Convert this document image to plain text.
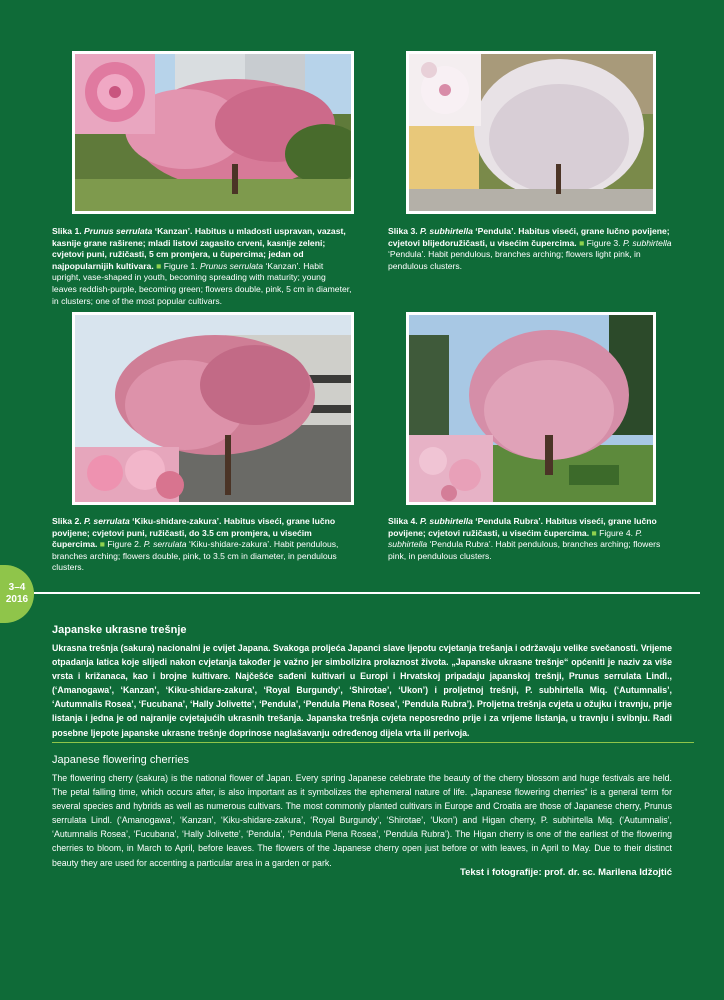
Slika 1. Prunus serrulata ‘Kanzan’. Habitus u mladosti uspravan, vazast, kasnije grane raširene; mladi listovi zagasito crveni, kasnije zeleni; cvjetovi puni, ružičasti, 5 cm promjera, u čupercima; jedan od najpopularnijih kultivara. ■ Figure 1. Prunus serrulata ‘Kanzan’. Habit upright, vase-shaped in youth, becoming spreading with maturity; young leaves reddish-purple, becoming green; flowers double, pink, 5 cm in diameter, in clusters; one of the most popular cultivars.
Slika 3. P. subhirtella ‘Pendula’. Habitus viseći, grane lučno povijene; cvjetovi blijedoružičasti, u visećim čupercima. ■ Figure 3. P. subhirtella ‘Pendula’. Habit pendulous, branches arching; flowers light pink, in pendulous clusters.
Slika 2. P. serrulata ‘Kiku-shidare-zakura’. Habitus viseći, grane lučno povijene; cvjetovi puni, ružičasti, do 3.5 cm promjera, u visećim čupercima. ■ Figure 2. P. serrulata ‘Kiku-shidare-zakura’. Habit pendulous, branches arching; flowers double, pink, to 3.5 cm in diameter, in pendulous clusters.
Slika 4. P. subhirtella ‘Pendula Rubra’. Habitus viseći, grane lučno povijene; cvjetovi ružičasti, u visećim čupercima. ■ Figure 4. P. subhirtella ‘Pendula Rubra’. Habit pendulous, branches arching; flowers pink, in pendulous clusters.
3–4
2016
Japanske ukrasne trešnje
Ukrasna trešnja (sakura) nacionalni je cvijet Japana. Svakoga proljeća Japanci slave ljepotu cvjetanja trešanja i održavaju velike svečanosti. Vrijeme otpadanja latica koje slijedi nakon cvjetanja također je važno jer simbolizira prolaznost života. „Japanske ukrasne trešnje“ općeniti je naziv za više vrsta i križanaca, kao i brojne kultivare. Najčešće sađeni kultivari u Europi i Hrvatskoj pripadaju japanskoj trešnji, Prunus serrulata Lindl., (‘Amanogawa’, ‘Kanzan’, ‘Kiku-shidare-zakura’, ‘Royal Burgundy’, ‘Shirotae’, ‘Ukon’) i proljetnoj trešnji, P. subhirtella Miq. (‘Autumnalis’, ‘Autumnalis Rosea’, ‘Fucubana’, ‘Hally Jolivette’, ‘Pendula’, ‘Pendula Plena Rosea’, ‘Pendula Rubra’). Proljetna trešnja cvjeta u ožujku i travnju, prije listanja i jedna je od najranije cvjetajućih ukrasnih trešanja. Japanska trešnja cvjeta neposredno prije i za vrijeme listanja, u travnju i svibnju. Radi posebne ljepote japanske ukrasne trešnje doprinose naglašavanju određenog dijela vrta ili perivoja.
Japanese flowering cherries
The flowering cherry (sakura) is the national flower of Japan. Every spring Japanese celebrate the beauty of the cherry blossom and huge festivals are held. The petal falling time, which occurs after, is also important as it symbolizes the ephemeral nature of life. „Japanese flowering cherries“ is a general term for several species and hybrids as well as numerous cultivars. The most commonly planted cultivars in Europe and Croatia are those of Japanese cherry, Prunus serrulata Lindl. (‘Amanogawa’, ‘Kanzan’, ‘Kiku-shidare-zakura’, ‘Royal Burgundy’, ‘Shirotae’, ‘Ukon’) and Higan cherry, P. subhirtella Miq. (‘Autumnalis’, ‘Autumnalis Rosea’, ‘Fucubana’, ‘Hally Jolivette’, ‘Pendula’, ‘Pendula Plena Rosea’, ‘Pendula Rubra’). The Higan cherry is one of the earliest of the flowering cherries to bloom, in March to April, before leaves. The flowers of the Japanese cherry open just before or with leaves, in April to May. Due to their distinct beauty they are used for accenting a particular area in a garden or park.
Tekst i fotografije: prof. dr. sc. Marilena Idžojtić
